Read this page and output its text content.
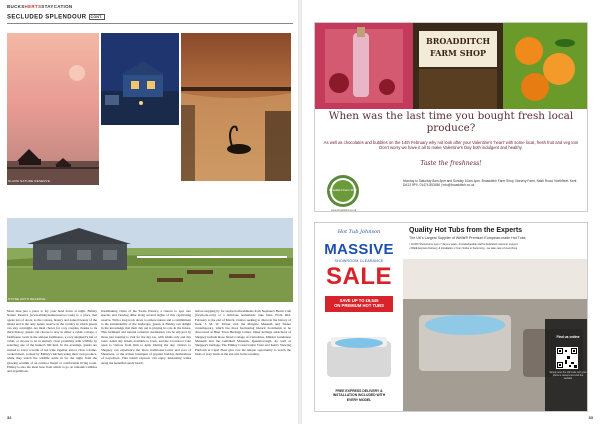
BUCKSHERTSSTAYCATION
SECLUDED SPLENDOUR CONT.
SLAND NATURE RESERVE
STONE ARTS RESERVE
More than just a place to lay your head down at night, Elmley Nature Reserve (www.elmleynaturereserve.co.uk) is a place that opens lots of doors, as the colours, history and natural beauty of the island and is the only nature reserve in the country in which guests can stay overnight. An ideal choice for cosy couples, thanks to its thick history, guests can choose to stay in either a cabin, cottage, a farmhouse room in the antique farmhouse, a cozy shepherd's hut or cabin, or choose to be in entirely close proximity with wildlife by selecting one of the hunter's hill huts. In the evenings, guests are invited to savor a bottle of red wine together and to close a home-cooked meal, cooked by Elmley's kitchen using their own produce, while they watch the wildlife settle in for the night from the glowing warmth of an outdoor firepit or comfortable living room. Elmley is also the ideal base from which to go on romantic rambles and expeditions.
breathtaking vistas of the Swale Estuary, a chance to spot rare species and viewing alike along several sights of this captivating reserve. With a long track down to remote nature and a commitment to the sustainability of the landscape, guests at Elmley can delight in the knowledge that their day out is playing its role in the future. This farmland and natural romantic destination can be enjoyed by those just wanting to visit for the day too, with adults only and day tours. Adult day tickets available to book, and the Crowsfoot Café open to visitors from 9am to 4pm. During the day, visitors to Sheppey can experience the more traditional towns and port of Sheerness, or the artisan boutiques of popular holiday destinations of Leysdown. This island explorer can enjoy interesting walks along the beautiful sandy beach.
before stopping by for seafood refreshments from Neptune's Beach Café (facebook.com) or a delicious homemade cake bites. From mid-February to the end of March, visitors seeking to discover the history of Kent. J. M. W. Turner visit the Margate Museum and Turner contemporary, which has more fascinating historic documents to be discovered at Blue Town Heritage Centre. Other heritage attractions of Sheppey include Rose Street Cottage of Curiosities, Minster Gatehouse Museum and the Guildhall Museum, Queenborough. As well as Sheppey's heritage, The Elmley Conservation Trust and Kent's Viewing Platform at Capel Fleet give rare the unique opportunity to watch the birds of prey lands as the sun sets in the evening.
32
BROADDITCH FARM SHOP
When was the last time you bought fresh local produce?
As well as chocolates and bubbles on the 14th February why not look after your Valentine's 'heart' with some local, fresh fruit and veg too! Don't worry we have it all to make Valentine's Day both indulgent and healthy.
Taste the freshness!
Broadditch Farm Shop
www.broadditch.co.uk
Monday to Saturday 8am-5pm and Sunday 10am-4pm. Broadditch Farm Shop, Nursery Farm, Nash Road, Northfleet, Kent DA13 9PX. 01474 853456 | info@broadditch.co.uk
Hot Tub Johnson
MASSIVE
SHOWROOM CLEARANCE
SALE
SAVE UP TO £6,545
ON PREMIUM HOT TUBS
FREE EXPRESS DELIVERY &
INSTALLATION INCLUDED WITH
EVERY MODEL
Quality Hot Tubs from the Experts
The UK's Largest Supplier of Wellis® Premium European-made Hot Tubs
• 10,000 Showrooms open 7 days a week • Knowledgeable staff & dedicated customer support
• FREE Express Delivery & Installation • From Sofas to Swimming - we take care of everything
Find us online
Simply scan the QR code with your phone's camera and visit the website
33
